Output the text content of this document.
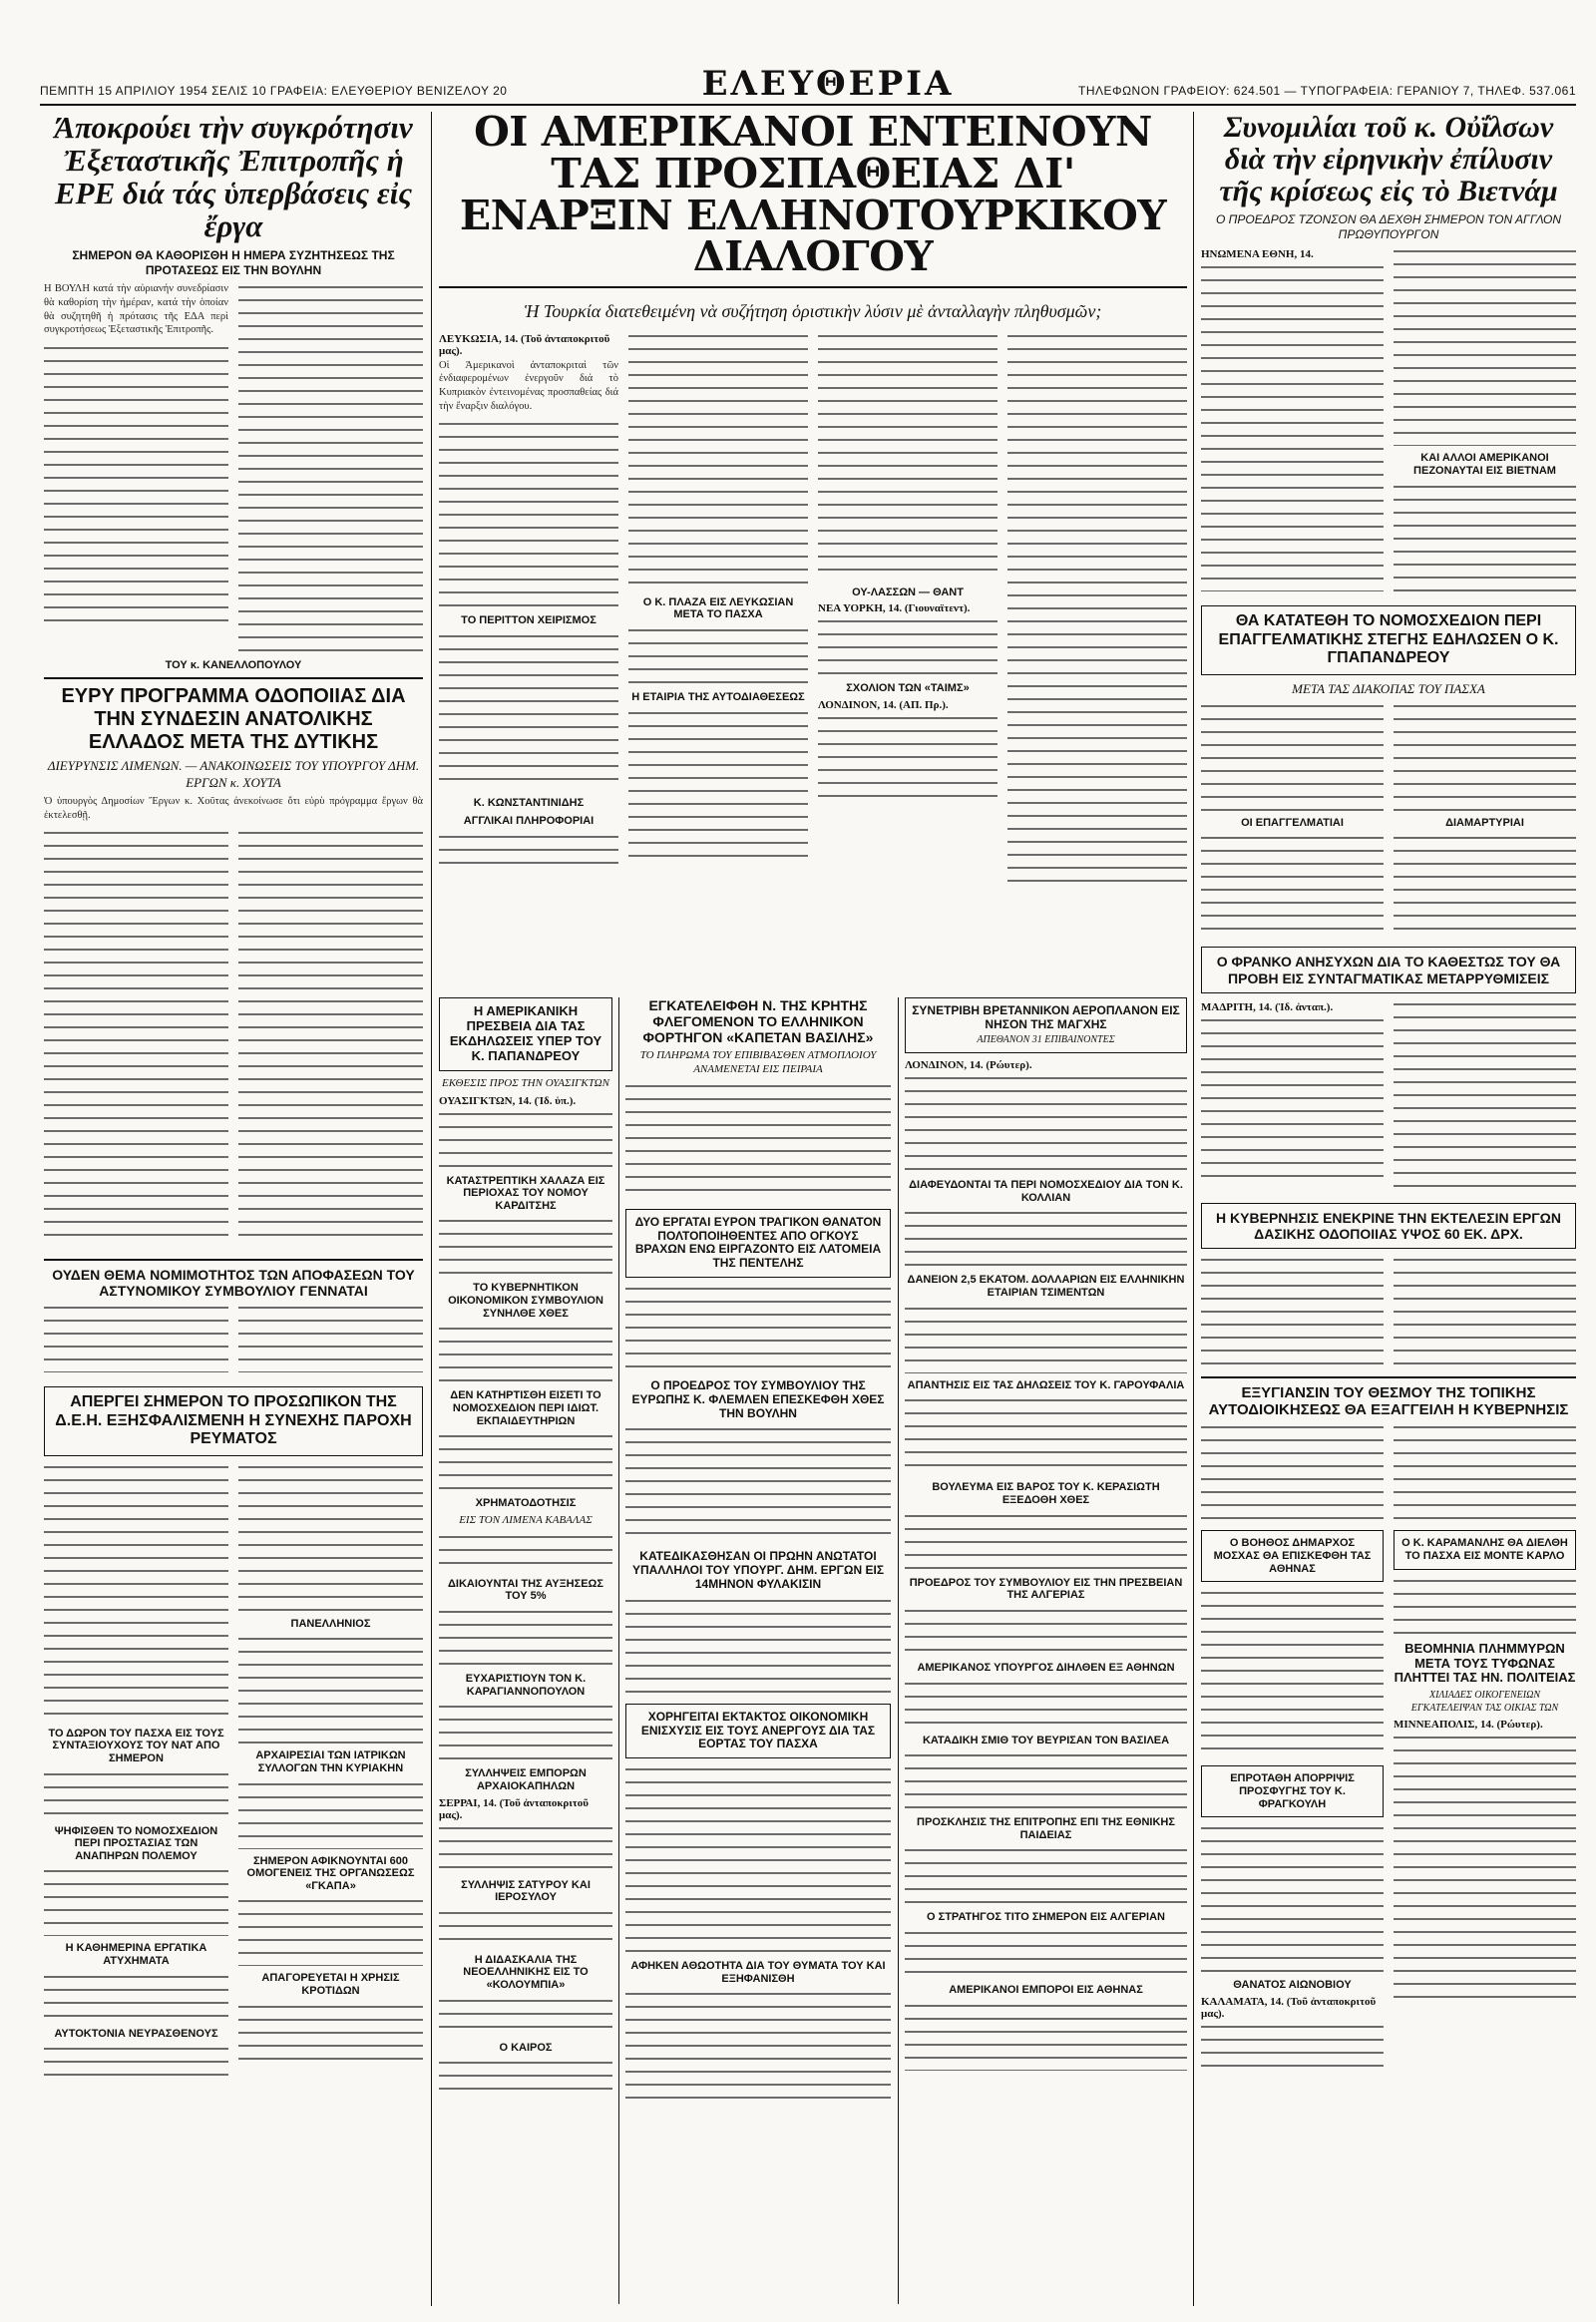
ΠΕΜΠΤΗ 15 ΑΠΡΙΛΙΟΥ 1954 ΣΕΛΙΣ 10 ΓΡΑΦΕΙΑ: ΕΛΕΥΘΕΡΙΟΥ ΒΕΝΙΖΕΛΟΥ 20	ΕΛΕΥΘΕΡΙΑ	ΤΗΛΕΦΩΝΟΝ ΓΡΑΦΕΙΟΥ: 624.501 — ΤΥΠΟΓΡΑΦΕΙΑ: ΓΕΡΑΝΙΟΥ 7, ΤΗΛΕΦ. 537.061
Άποκρούει τὴν συγκρότησιν Ἐξεταστικῆς Ἐπιτροπῆς ἡ ΕΡΕ διά τάς ὑπερβάσεις εἰς ἔργα
ΣΗΜΕΡΟΝ ΘΑ ΚΑΘΟΡΙΣΘΗ Η ΗΜΕΡΑ ΣΥΖΗΤΗΣΕΩΣ ΤΗΣ ΠΡΟΤΑΣΕΩΣ ΕΙΣ ΤΗΝ ΒΟΥΛΗΝ

Η ΒΟΥΛΗ κατά τὴν αὐριανήν συνεδρίασιν θὰ καθορίση τὴν ἡμέραν, κατά τὴν ὁποίαν θὰ συζητηθῆ ἡ πρότασις τῆς ΕΔΑ περὶ συγκροτήσεως Ἐξεταστικῆς Ἐπιτροπῆς.

ΤΟΥ κ. ΚΑΝΕΛΛΟΠΟΥΛΟΥ
ΕΥΡΥ ΠΡΟΓΡΑΜΜΑ ΟΔΟΠΟΙΙΑΣ ΔΙΑ ΤΗΝ ΣΥΝΔΕΣΙΝ ΑΝΑΤΟΛΙΚΗΣ ΕΛΛΑΔΟΣ ΜΕΤΑ ΤΗΣ ΔΥΤΙΚΗΣ
ΔΙΕΥΡΥΝΣΙΣ ΛΙΜΕΝΩΝ. — ΑΝΑΚΟΙΝΩΣΕΙΣ ΤΟΥ ΥΠΟΥΡΓΟΥ ΔΗΜ. ΕΡΓΩΝ κ. ΧΟΥΤΑ

Ὁ ὑπουργὸς Δημοσίων Ἔργων κ. Χοῦτας ἀνεκοίνωσε ὅτι εὐρὺ πρόγραμμα ἔργων θὰ ἐκτελεσθῇ.

ΟΥΔΕΝ ΘΕΜΑ ΝΟΜΙΜΟΤΗΤΟΣ ΤΩΝ ΑΠΟΦΑΣΕΩΝ ΤΟΥ ΑΣΤΥΝΟΜΙΚΟΥ ΣΥΜΒΟΥΛΙΟΥ ΓΕΝΝΑΤΑΙ
ΑΠΕΡΓΕΙ ΣΗΜΕΡΟΝ ΤΟ ΠΡΟΣΩΠΙΚΟΝ ΤΗΣ Δ.Ε.Η. ΕΞΗΣΦΑΛΙΣΜΕΝΗ Η ΣΥΝΕΧΗΣ ΠΑΡΟΧΗ ΡΕΥΜΑΤΟΣ
ΤΟ ΔΩΡΟΝ ΤΟΥ ΠΑΣΧΑ ΕΙΣ ΤΟΥΣ ΣΥΝΤΑΞΙΟΥΧΟΥΣ ΤΟΥ ΝΑΤ ΑΠΟ ΣΗΜΕΡΟΝ
ΨΗΦΙΣΘΕΝ ΤΟ ΝΟΜΟΣΧΕΔΙΟΝ ΠΕΡΙ ΠΡΟΣΤΑΣΙΑΣ ΤΩΝ ΑΝΑΠΗΡΩΝ ΠΟΛΕΜΟΥ
Η ΚΑΘΗΜΕΡΙΝΑ ΕΡΓΑΤΙΚΑ ΑΤΥΧΗΜΑΤΑ
ΑΥΤΟΚΤΟΝΙΑ ΝΕΥΡΑΣΘΕΝΟΥΣ
ΠΑΝΕΛΛΗΝΙΟΣ
ΑΡΧΑΙΡΕΣΙΑΙ ΤΩΝ ΙΑΤΡΙΚΩΝ ΣΥΛΛΟΓΩΝ ΤΗΝ ΚΥΡΙΑΚΗΝ
ΣΗΜΕΡΟΝ ΑΦΙΚΝΟΥΝΤΑΙ 600 ΟΜΟΓΕΝΕΙΣ ΤΗΣ ΟΡΓΑΝΩΣΕΩΣ «ΓΚΑΠΑ»
ΑΠΑΓΟΡΕΥΕΤΑΙ Η ΧΡΗΣΙΣ ΚΡΟΤΙΔΩΝ
ΟΙ ΑΜΕΡΙΚΑΝΟΙ ΕΝΤΕΙΝΟΥΝ ΤΑΣ ΠΡΟΣΠΑΘΕΙΑΣ ΔΙ' ΕΝΑΡΞΙΝ ΕΛΛΗΝΟΤΟΥΡΚΙΚΟΥ ΔΙΑΛΟΓΟΥ
Ἡ Τουρκία διατεθειμένη νὰ συζήτηση ὁριστικὴν λύσιν μὲ ἀνταλλαγὴν πληθυσμῶν;
ΛΕΥΚΩΣΙΑ, 14. (Τοῦ ἀνταποκριτοῦ μας).

Οἱ Ἀμερικανοὶ ἀνταποκριταὶ τῶν ἐνδιαφερομένων ἐνεργοῦν διά τὸ Κυπριακὸν ἐντεινομένας προσπαθείας διά τὴν ἔναρξιν διαλόγου.

ΤΟ ΠΕΡΙΤΤΟΝ ΧΕΙΡΙΣΜΟΣ
Κ. ΚΩΝΣΤΑΝΤΙΝΙΔΗΣ
ΑΓΓΛΙΚΑΙ ΠΛΗΡΟΦΟΡΙΑΙ
Ο Κ. ΠΛΑΖΑ ΕΙΣ ΛΕΥΚΩΣΙΑΝ ΜΕΤΑ ΤΟ ΠΑΣΧΑ
Η ΕΤΑΙΡΙΑ ΤΗΣ ΑΥΤΟΔΙΑΘΕΣΕΩΣ
ΟΥ-ΛΑΣΣΩΝ — ΘΑΝΤ
ΝΕΑ ΥΟΡΚΗ, 14. (Γιουναϊτεντ).
ΣΧΟΛΙΟΝ ΤΩΝ «ΤΑΙΜΣ»
ΛΟΝΔΙΝΟΝ, 14. (ΑΠ. Πρ.).
Η ΑΜΕΡΙΚΑΝΙΚΗ ΠΡΕΣΒΕΙΑ ΔΙΑ ΤΑΣ ΕΚΔΗΛΩΣΕΙΣ ΥΠΕΡ ΤΟΥ Κ. ΠΑΠΑΝΔΡΕΟΥ
ΕΚΘΕΣΙΣ ΠΡΟΣ ΤΗΝ ΟΥΑΣΙΓΚΤΩΝ
ΟΥΑΣΙΓΚΤΩΝ, 14. (Ἰδ. ὑπ.).
ΚΑΤΑΣΤΡΕΠΤΙΚΗ ΧΑΛΑΖΑ ΕΙΣ ΠΕΡΙΟΧΑΣ ΤΟΥ ΝΟΜΟΥ ΚΑΡΔΙΤΣΗΣ
ΤΟ ΚΥΒΕΡΝΗΤΙΚΟΝ ΟΙΚΟΝΟΜΙΚΟΝ ΣΥΜΒΟΥΛΙΟΝ ΣΥΝΗΛΘΕ ΧΘΕΣ
ΔΕΝ ΚΑΤΗΡΤΙΣΘΗ ΕΙΣΕΤΙ ΤΟ ΝΟΜΟΣΧΕΔΙΟΝ ΠΕΡΙ ΙΔΙΩΤ. ΕΚΠΑΙΔΕΥΤΗΡΙΩΝ
ΧΡΗΜΑΤΟΔΟΤΗΣΙΣ
ΕΙΣ ΤΟΝ ΛΙΜΕΝΑ ΚΑΒΑΛΑΣ
ΔΙΚΑΙΟΥΝΤΑΙ ΤΗΣ ΑΥΞΗΣΕΩΣ ΤΟΥ 5%
ΕΥΧΑΡΙΣΤΙΟΥΝ ΤΟΝ Κ. ΚΑΡΑΓΙΑΝΝΟΠΟΥΛΟΝ
ΣΥΛΛΗΨΕΙΣ ΕΜΠΟΡΩΝ ΑΡΧΑΙΟΚΑΠΗΛΩΝ
ΣΕΡΡΑΙ, 14. (Τοῦ ἀνταποκριτοῦ μας).
ΣΥΛΛΗΨΙΣ ΣΑΤΥΡΟΥ ΚΑΙ ΙΕΡΟΣΥΛΟΥ
Η ΔΙΔΑΣΚΑΛΙΑ ΤΗΣ ΝΕΟΕΛΛΗΝΙΚΗΣ ΕΙΣ ΤΟ «ΚΟΛΟΥΜΠΙΑ»
Ο ΚΑΙΡΟΣ
ΕΓΚΑΤΕΛΕΙΦΘΗ Ν. ΤΗΣ ΚΡΗΤΗΣ ΦΛΕΓΟΜΕΝΟΝ ΤΟ ΕΛΛΗΝΙΚΟΝ ΦΟΡΤΗΓΟΝ «ΚΑΠΕΤΑΝ ΒΑΣΙΛΗΣ»
ΤΟ ΠΛΗΡΩΜΑ ΤΟΥ ΕΠΙΒΙΒΑΣΘΕΝ ΑΤΜΟΠΛΟΙΟΥ ΑΝΑΜΕΝΕΤΑΙ ΕΙΣ ΠΕΙΡΑΙΑ
ΔΥΟ ΕΡΓΑΤΑΙ ΕΥΡΟΝ ΤΡΑΓΙΚΟΝ ΘΑΝΑΤΟΝ ΠΟΛΤΟΠΟΙΗΘΕΝΤΕΣ ΑΠΟ ΟΓΚΟΥΣ ΒΡΑΧΩΝ ΕΝΩ ΕΙΡΓΑΖΟΝΤΟ ΕΙΣ ΛΑΤΟΜΕΙΑ ΤΗΣ ΠΕΝΤΕΛΗΣ
Ο ΠΡΟΕΔΡΟΣ ΤΟΥ ΣΥΜΒΟΥΛΙΟΥ ΤΗΣ ΕΥΡΩΠΗΣ Κ. ΦΛΕΜΛΕΝ ΕΠΕΣΚΕΦΘΗ ΧΘΕΣ ΤΗΝ ΒΟΥΛΗΝ
ΚΑΤΕΔΙΚΑΣΘΗΣΑΝ ΟΙ ΠΡΩΗΝ ΑΝΩΤΑΤΟΙ ΥΠΑΛΛΗΛΟΙ ΤΟΥ ΥΠΟΥΡΓ. ΔΗΜ. ΕΡΓΩΝ ΕΙΣ 14ΜΗΝΟΝ ΦΥΛΑΚΙΣΙΝ
ΧΟΡΗΓΕΙΤΑΙ ΕΚΤΑΚΤΟΣ ΟΙΚΟΝΟΜΙΚΗ ΕΝΙΣΧΥΣΙΣ ΕΙΣ ΤΟΥΣ ΑΝΕΡΓΟΥΣ ΔΙΑ ΤΑΣ ΕΟΡΤΑΣ ΤΟΥ ΠΑΣΧΑ
ΑΦΗΚΕΝ ΑΘΩΟΤΗΤΑ ΔΙΑ ΤΟΥ ΘΥΜΑΤΑ ΤΟΥ ΚΑΙ ΕΞΗΦΑΝΙΣΘΗ
ΣΥΝΕΤΡΙΒΗ ΒΡΕΤΑΝΝΙΚΟΝ ΑΕΡΟΠΛΑΝΟΝ ΕΙΣ ΝΗΣΟΝ ΤΗΣ ΜΑΓΧΗΣ
ΑΠΕΘΑΝΟΝ 31 ΕΠΙΒΑΙΝΟΝΤΕΣ
ΛΟΝΔΙΝΟΝ, 14. (Ρώυτερ).
ΔΙΑΦΕΥΔΟΝΤΑΙ ΤΑ ΠΕΡΙ ΝΟΜΟΣΧΕΔΙΟΥ ΔΙΑ ΤΟΝ Κ. ΚΟΛΛΙΑΝ
ΔΑΝΕΙΟΝ 2,5 ΕΚΑΤΟΜ. ΔΟΛΛΑΡΙΩΝ ΕΙΣ ΕΛΛΗΝΙΚΗΝ ΕΤΑΙΡΙΑΝ ΤΣΙΜΕΝΤΩΝ
ΑΠΑΝΤΗΣΙΣ ΕΙΣ ΤΑΣ ΔΗΛΩΣΕΙΣ ΤΟΥ Κ. ΓΑΡΟΥΦΑΛΙΑ
ΒΟΥΛΕΥΜΑ ΕΙΣ ΒΑΡΟΣ ΤΟΥ Κ. ΚΕΡΑΣΙΩΤΗ ΕΞΕΔΟΘΗ ΧΘΕΣ
ΠΡΟΕΔΡΟΣ ΤΟΥ ΣΥΜΒΟΥΛΙΟΥ ΕΙΣ ΤΗΝ ΠΡΕΣΒΕΙΑΝ ΤΗΣ ΑΛΓΕΡΙΑΣ
ΑΜΕΡΙΚΑΝΟΣ ΥΠΟΥΡΓΟΣ ΔΙΗΛΘΕΝ ΕΞ ΑΘΗΝΩΝ
ΚΑΤΑΔΙΚΗ ΣΜΙΘ ΤΟΥ ΒΕΥΡΙΣΑΝ ΤΟΝ ΒΑΣΙΛΕΑ
ΠΡΟΣΚΛΗΣΙΣ ΤΗΣ ΕΠΙΤΡΟΠΗΣ ΕΠΙ ΤΗΣ ΕΘΝΙΚΗΣ ΠΑΙΔΕΙΑΣ
Ο ΣΤΡΑΤΗΓΟΣ ΤΙΤΟ ΣΗΜΕΡΟΝ ΕΙΣ ΑΛΓΕΡΙΑΝ
ΑΜΕΡΙΚΑΝΟΙ ΕΜΠΟΡΟΙ ΕΙΣ ΑΘΗΝΑΣ
Συνομιλίαι τοῦ κ. Οὐΐλσων διὰ τὴν εἰρηνικὴν ἐπίλυσιν τῆς κρίσεως εἰς τὸ Βιετνάμ
Ο ΠΡΟΕΔΡΟΣ ΤΖΟΝΣΟΝ ΘΑ ΔΕΧΘΗ ΣΗΜΕΡΟΝ ΤΟΝ ΑΓΓΛΟΝ ΠΡΩΘΥΠΟΥΡΓΟΝ
ΗΝΩΜΕΝΑ ΕΘΝΗ, 14.
ΚΑΙ ΑΛΛΟΙ ΑΜΕΡΙΚΑΝΟΙ ΠΕΖΟΝΑΥΤΑΙ ΕΙΣ ΒΙΕΤΝΑΜ
ΘΑ ΚΑΤΑΤΕΘΗ ΤΟ ΝΟΜΟΣΧΕΔΙΟΝ ΠΕΡΙ ΕΠΑΓΓΕΛΜΑΤΙΚΗΣ ΣΤΕΓΗΣ ΕΔΗΛΩΣΕΝ Ο Κ. ΓΠΑΠΑΝΔΡΕΟΥ
ΜΕΤΑ ΤΑΣ ΔΙΑΚΟΠΑΣ ΤΟΥ ΠΑΣΧΑ
ΟΙ ΕΠΑΓΓΕΛΜΑΤΙΑΙ	ΔΙΑΜΑΡΤΥΡΙΑΙ
Ο ΦΡΑΝΚΟ ΑΝΗΣΥΧΩΝ ΔΙΑ ΤΟ ΚΑΘΕΣΤΩΣ ΤΟΥ ΘΑ ΠΡΟΒΗ ΕΙΣ ΣΥΝΤΑΓΜΑΤΙΚΑΣ ΜΕΤΑΡΡΥΘΜΙΣΕΙΣ
ΜΑΔΡΙΤΗ, 14. (Ἰδ. ἀνταπ.).
Η ΚΥΒΕΡΝΗΣΙΣ ΕΝΕΚΡΙΝΕ ΤΗΝ ΕΚΤΕΛΕΣΙΝ ΕΡΓΩΝ ΔΑΣΙΚΗΣ ΟΔΟΠΟΙΙΑΣ ΥΨΟΣ 60 ΕΚ. ΔΡΧ.
ΕΞΥΓΙΑΝΣΙΝ ΤΟΥ ΘΕΣΜΟΥ ΤΗΣ ΤΟΠΙΚΗΣ ΑΥΤΟΔΙΟΙΚΗΣΕΩΣ ΘΑ ΕΞΑΓΓΕΙΛΗ Η ΚΥΒΕΡΝΗΣΙΣ
Ο ΒΟΗΘΟΣ ΔΗΜΑΡΧΟΣ ΜΟΣΧΑΣ ΘΑ ΕΠΙΣΚΕΦΘΗ ΤΑΣ ΑΘΗΝΑΣ
ΕΠΡΟΤΑΘΗ ΑΠΟΡΡΙΨΙΣ ΠΡΟΣΦΥΓΗΣ ΤΟΥ Κ. ΦΡΑΓΚΟΥΛΗ
ΘΑΝΑΤΟΣ ΑΙΩΝΟΒΙΟΥ
ΚΑΛΑΜΑΤΑ, 14. (Τοῦ ἀνταποκριτοῦ μας).
Ο Κ. ΚΑΡΑΜΑΝΛΗΣ ΘΑ ΔΙΕΛΘΗ ΤΟ ΠΑΣΧΑ ΕΙΣ ΜΟΝΤΕ ΚΑΡΛΟ
ΒΕΟΜΗΝΙΑ ΠΛΗΜΜΥΡΩΝ ΜΕΤΑ ΤΟΥΣ ΤΥΦΩΝΑΣ ΠΛΗΤΤΕΙ ΤΑΣ ΗΝ. ΠΟΛΙΤΕΙΑΣ
ΧΙΛΙΑΔΕΣ ΟΙΚΟΓΕΝΕΙΩΝ ΕΓΚΑΤΕΛΕΙΨΑΝ ΤΑΣ ΟΙΚΙΑΣ ΤΩΝ
ΜΙΝΝΕΑΠΟΛΙΣ, 14. (Ρώυτερ).
